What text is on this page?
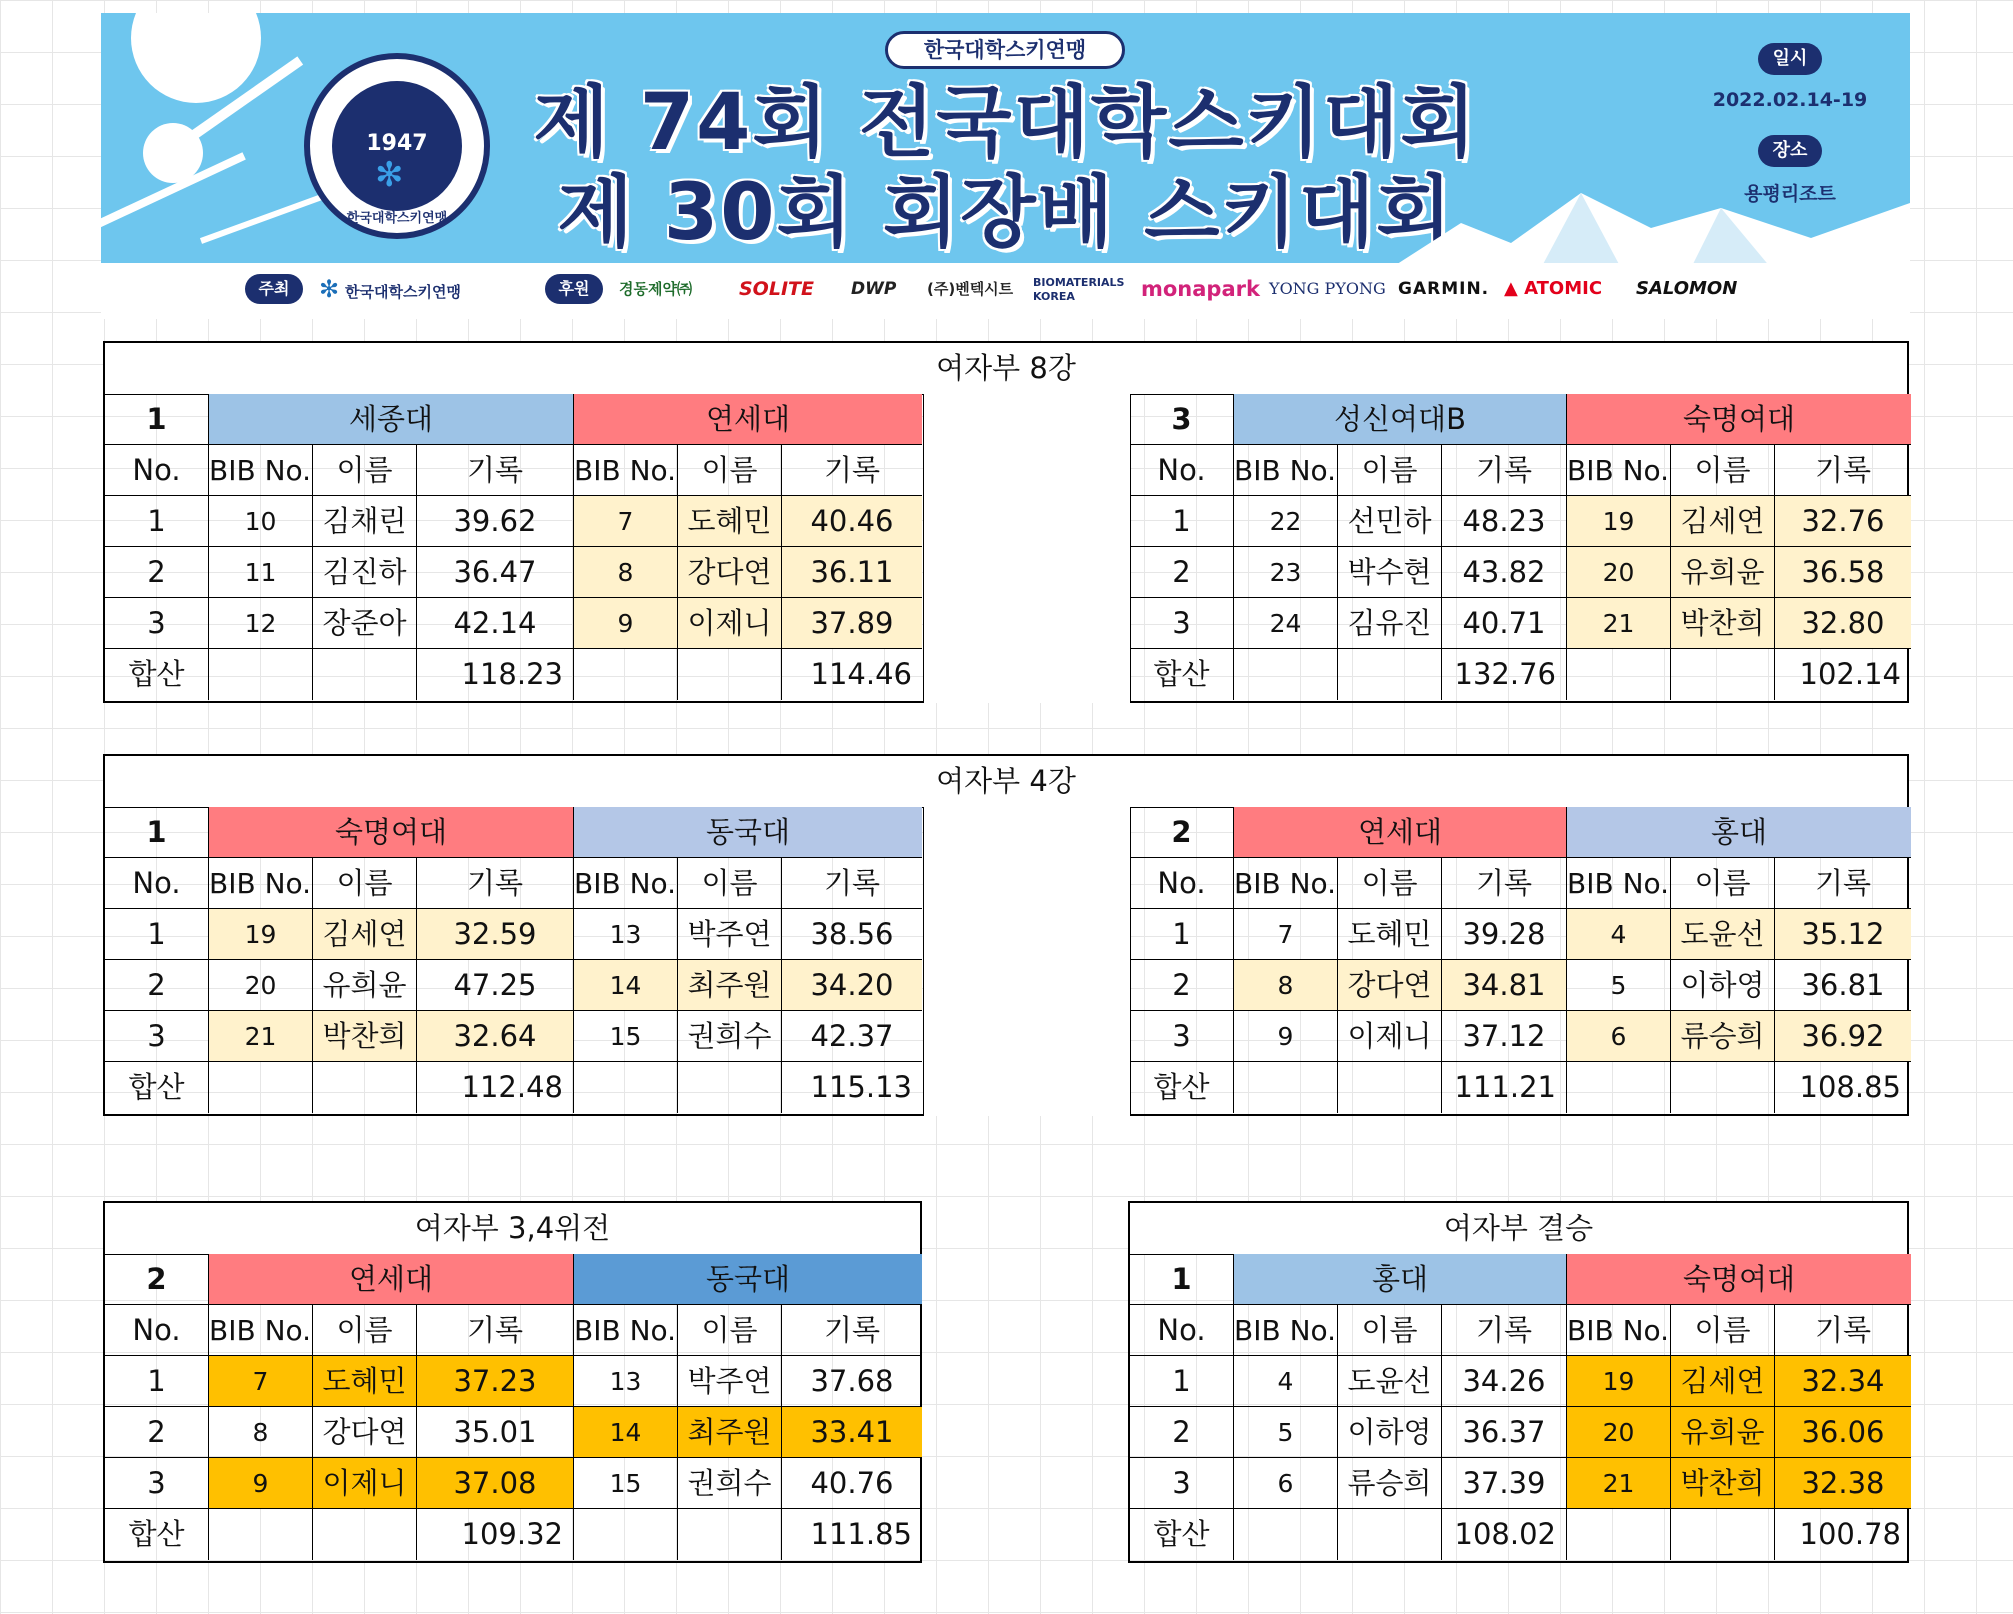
1947
✻
한국대학스키연맹
한국대학스키연맹
제 74회 전국대학스키대회
제 30회 회장배 스키대회
일시
2022.02.14-19
장소
용평리조트
주최	✻ 한국대학스키연맹	후원	경동제약㈜ SOLITE DWP (주)벤텍시트 BIOMATERIALS KOREA	monapark YONG PYONG GARMIN. ▲ ATOMIC SALOMON
여자부 8강
1	세종대	연세대
No.	BIB No. 이름	기록	BIB No. 이름	기록
1	10	김채린	39.62	7	도혜민	40.46
2	11	김진하	36.47	8	강다연	36.11
3	12	장준아	42.14	9	이제니	37.89
합산	118.23	114.46
3	성신여대B	숙명여대
No.	BIB No. 이름	기록	BIB No. 이름	기록
1	22	선민하	48.23	19	김세연	32.76
2	23	박수현	43.82	20	유희윤	36.58
3	24	김유진	40.71	21	박찬희	32.80
합산	132.76	102.14
여자부 4강
1	숙명여대	동국대
No.	BIB No. 이름	기록	BIB No. 이름	기록
1	19	김세연	32.59	13	박주연	38.56
2	20	유희윤	47.25	14	최주원	34.20
3	21	박찬희	32.64	15	권희수	42.37
합산	112.48	115.13
2	연세대	홍대
No.	BIB No. 이름	기록	BIB No. 이름	기록
1	7	도혜민	39.28	4	도윤선	35.12
2	8	강다연	34.81	5	이하영	36.81
3	9	이제니	37.12	6	류승희	36.92
합산	111.21	108.85
여자부 3,4위전
2	연세대	동국대
No.	BIB No. 이름	기록	BIB No. 이름	기록
1	7	도혜민	37.23	13	박주연	37.68
2	8	강다연	35.01	14	최주원	33.41
3	9	이제니	37.08	15	권희수	40.76
합산	109.32	111.85
여자부 결승
1	홍대	숙명여대
No.	BIB No. 이름	기록	BIB No. 이름	기록
1	4	도윤선	34.26	19	김세연	32.34
2	5	이하영	36.37	20	유희윤	36.06
3	6	류승희	37.39	21	박찬희	32.38
합산	108.02	100.78
